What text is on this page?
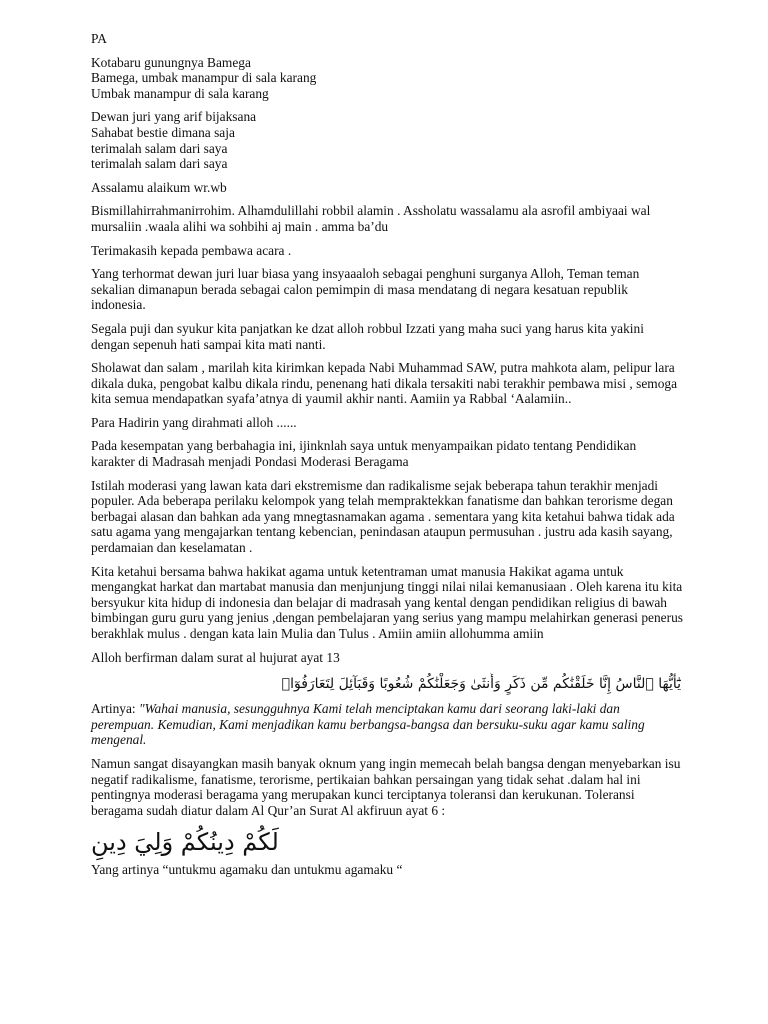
PA
Kotabaru gunungnya Bamega
Bamega, umbak manampur di sala karang
Umbak manampur di sala karang
Dewan juri yang arif bijaksana
Sahabat bestie dimana saja
terimalah salam dari saya
terimalah salam dari saya

Assalamu alaikum wr.wb

Bismillahirrahmanirrohim. Alhamdulillahi robbil alamin . Assholatu wassalamu ala asrofil ambiyaai wal mursaliin .waala alihi wa sohbihi aj main . amma ba’du

Terimakasih kepada pembawa acara .

Yang terhormat dewan juri luar biasa yang insyaaaloh sebagai penghuni surganya Alloh, Teman teman sekalian dimanapun berada sebagai calon pemimpin di masa mendatang di negara kesatuan republik indonesia.

Segala puji dan syukur kita panjatkan ke dzat alloh robbul Izzati yang maha suci yang harus kita yakini dengan sepenuh hati sampai kita mati nanti.

Sholawat dan salam , marilah kita kirimkan kepada Nabi Muhammad SAW, putra mahkota alam, pelipur lara dikala duka, pengobat kalbu dikala rindu, penenang hati dikala tersakiti nabi terakhir pembawa misi , semoga kita semua mendapatkan syafa’atnya di yaumil akhir nanti. Aamiin ya Rabbal ‘Aalamiin..

Para Hadirin yang dirahmati alloh ......

Pada kesempatan yang berbahagia ini, ijinknlah saya untuk menyampaikan pidato tentang Pendidikan karakter di Madrasah menjadi Pondasi Moderasi Beragama

Istilah moderasi yang lawan kata dari ekstremisme dan radikalisme sejak beberapa tahun terakhir menjadi populer. Ada beberapa perilaku kelompok yang telah mempraktekkan fanatisme dan bahkan terorisme degan berbagai alasan dan bahkan ada yang mnegtasnamakan agama . sementara yang kita ketahui bahwa tidak ada satu agama yang mengajarkan tentang kebencian, penindasan ataupun permusuhan . justru ada kasih sayang, perdamaian dan keselamatan .

Kita ketahui bersama bahwa hakikat agama untuk ketentraman umat manusia Hakikat agama untuk mengangkat harkat dan martabat manusia dan menjunjung tinggi nilai nilai kemanusiaan . Oleh karena itu kita bersyukur kita hidup di indonesia dan belajar di madrasah yang kental dengan pendidikan religius di bawah bimbingan guru guru yang jenius ,dengan pembelajaran yang serius yang mampu melahirkan generasi penerus berakhlak mulus . dengan kata lain Mulia dan Tulus . Amiin amiin allohumma amiin

Alloh berfirman dalam surat al hujurat ayat 13

يَٰٓأَيُّهَا ٱلنَّاسُ إِنَّا خَلَقْنَٰكُم مِّن ذَكَرٍ وَأُنثَىٰ وَجَعَلْنَٰكُمْ شُعُوبًا وَقَبَآئِلَ لِتَعَارَفُوٓا۟

Artinya: "Wahai manusia, sesungguhnya Kami telah menciptakan kamu dari seorang laki-laki dan perempuan. Kemudian, Kami menjadikan kamu berbangsa-bangsa dan bersuku-suku agar kamu saling mengenal.

Namun sangat disayangkan masih banyak oknum yang ingin memecah belah bangsa dengan menyebarkan isu negatif radikalisme, fanatisme, terorisme, pertikaian bahkan persaingan yang tidak sehat .dalam hal ini pentingnya moderasi beragama yang merupakan kunci terciptanya toleransi dan kerukunan. Toleransi beragama sudah diatur dalam Al Qur’an Surat Al akfiruun ayat 6 :

لَكُمْ دِينُكُمْ وَلِيَ دِينِ

Yang artinya “untukmu agamaku dan untukmu agamaku “
